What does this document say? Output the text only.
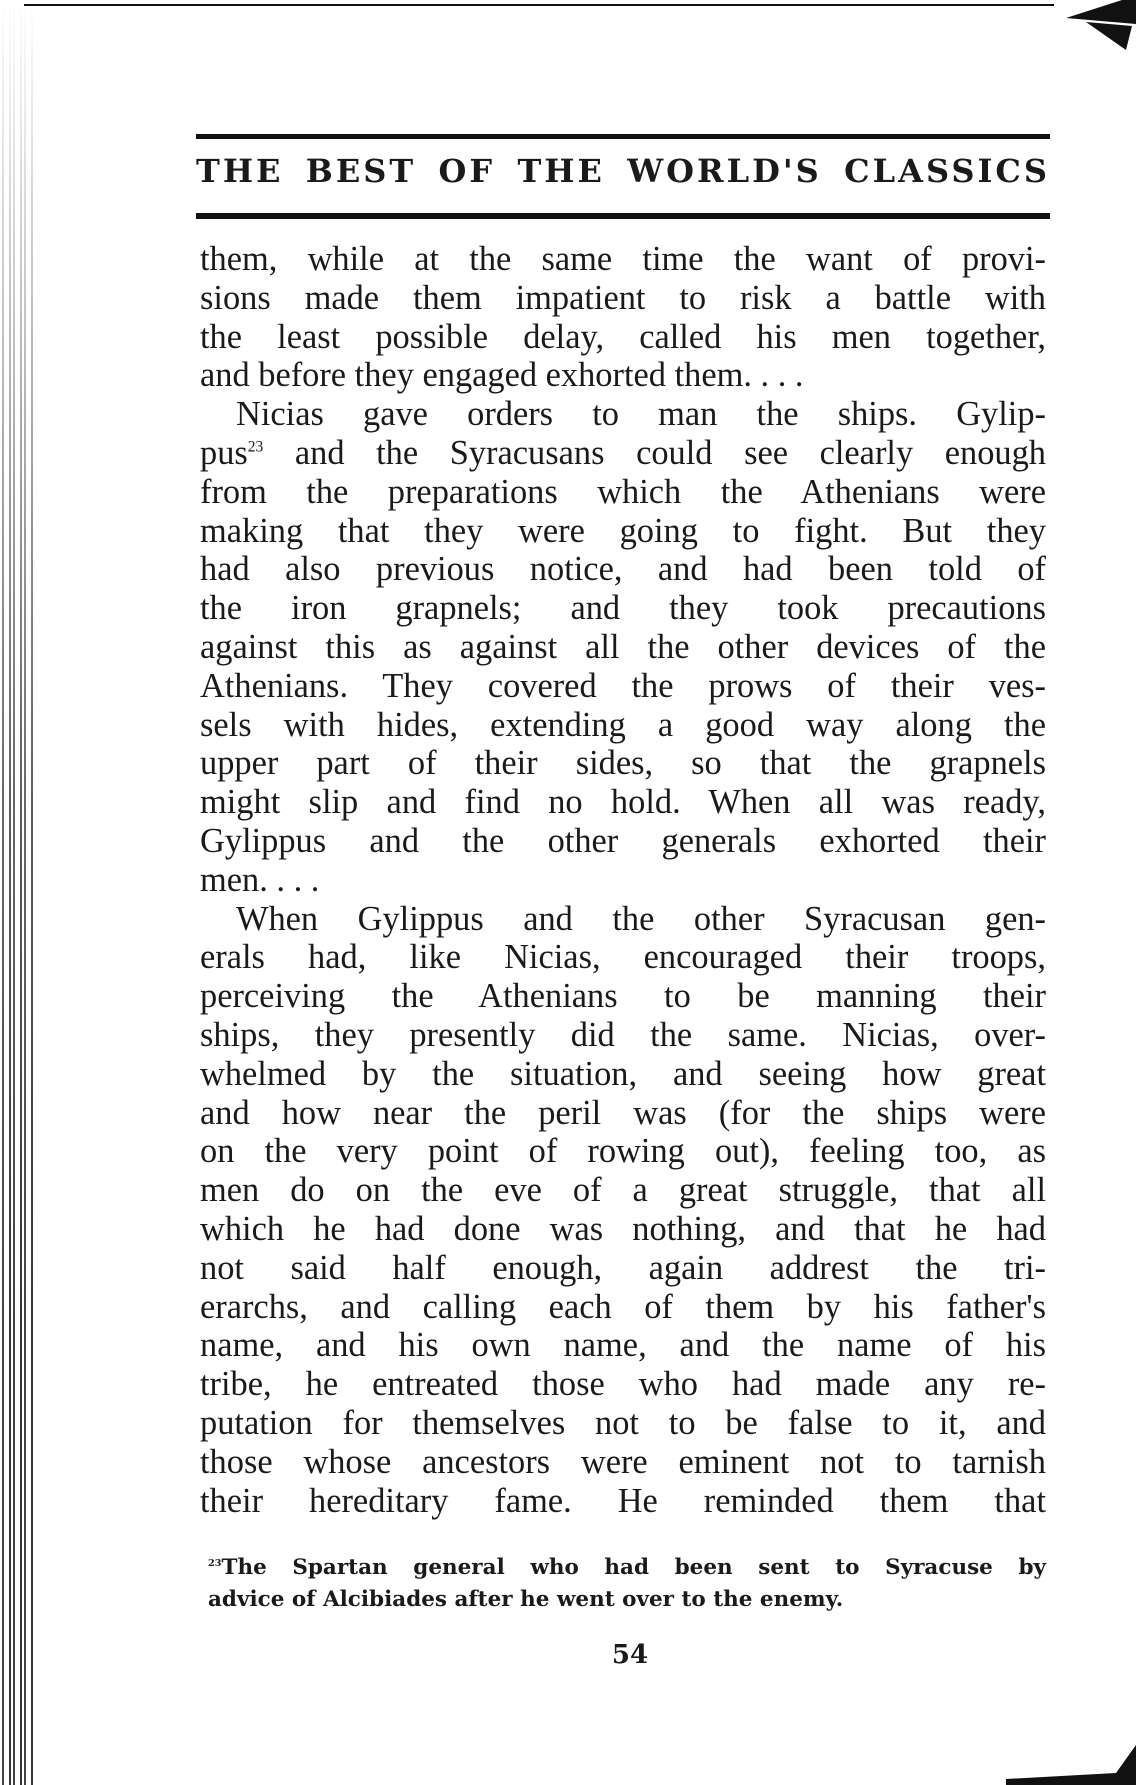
THE BEST OF THE WORLD'S CLASSICS
them, while at the same time the want of provi-
sions made them impatient to risk a battle with
the least possible delay, called his men together,
and before they engaged exhorted them. . . .
Nicias gave orders to man the ships. Gylip-
pus$^{23}$ and the Syracusans could see clearly enough
from the preparations which the Athenians were
making that they were going to fight. But they
had also previous notice, and had been told of
the iron grapnels; and they took precautions
against this as against all the other devices of the
Athenians. They covered the prows of their ves-
sels with hides, extending a good way along the
upper part of their sides, so that the grapnels
might slip and find no hold. When all was ready,
Gylippus and the other generals exhorted their
men. . . .
When Gylippus and the other Syracusan gen-
erals had, like Nicias, encouraged their troops,
perceiving the Athenians to be manning their
ships, they presently did the same. Nicias, over-
whelmed by the situation, and seeing how great
and how near the peril was (for the ships were
on the very point of rowing out), feeling too, as
men do on the eve of a great struggle, that all
which he had done was nothing, and that he had
not said half enough, again addrest the tri-
erarchs, and calling each of them by his father's
name, and his own name, and the name of his
tribe, he entreated those who had made any re-
putation for themselves not to be false to it, and
those whose ancestors were eminent not to tarnish
their hereditary fame. He reminded them that
$^{23}$The Spartan general who had been sent to Syracuse by
advice of Alcibiades after he went over to the enemy.
54
